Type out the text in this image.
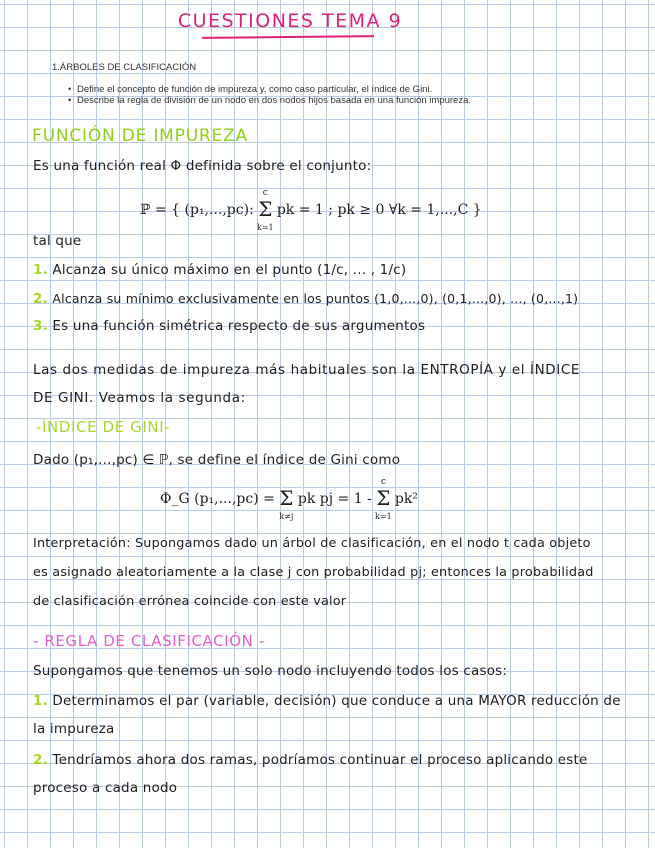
CUESTIONES TEMA 9
1.ÁRBOLES DE CLASIFICACIÓN
• Define el concepto de función de impureza y, como caso particular, el índice de Gini.
• Describe la regla de división de un nodo en dos nodos hijos basada en una función impureza.
FUNCIÓN DE IMPUREZA
Es una función real Φ definida sobre el conjunto:
ℙ = { (p₁,...,pc):
c
Σ
k=1
pk = 1 ; pk ≥ 0 ∀k = 1,...,C }
tal que
1. Alcanza su único máximo en el punto (1/c, ... , 1/c)
2. Alcanza su mínimo exclusivamente en los puntos (1,0,...,0), (0,1,...,0), ..., (0,...,1)
3. Es una función simétrica respecto de sus argumentos
Las dos medidas de impureza más habituales son la ENTROPÍA y el ÍNDICE
DE GINI. Veamos la segunda:
-ÍNDICE DE GINI-
Dado (p₁,...,pc) ∈ ℙ, se define el índice de Gini como
Φ_G (p₁,...,pc) = Σ
k≠j
pk pj = 1 -
c
Σ
k=1
pk²
Interpretación: Supongamos dado un árbol de clasificación, en el nodo t cada objeto
es asignado aleatoriamente a la clase j con probabilidad pj; entonces la probabilidad
de clasificación errónea coincide con este valor
- REGLA DE CLASIFICACIÓN -
Supongamos que tenemos un solo nodo incluyendo todos los casos:
1. Determinamos el par (variable, decisión) que conduce a una MAYOR reducción de
la impureza
2. Tendríamos ahora dos ramas, podríamos continuar el proceso aplicando este
proceso a cada nodo
